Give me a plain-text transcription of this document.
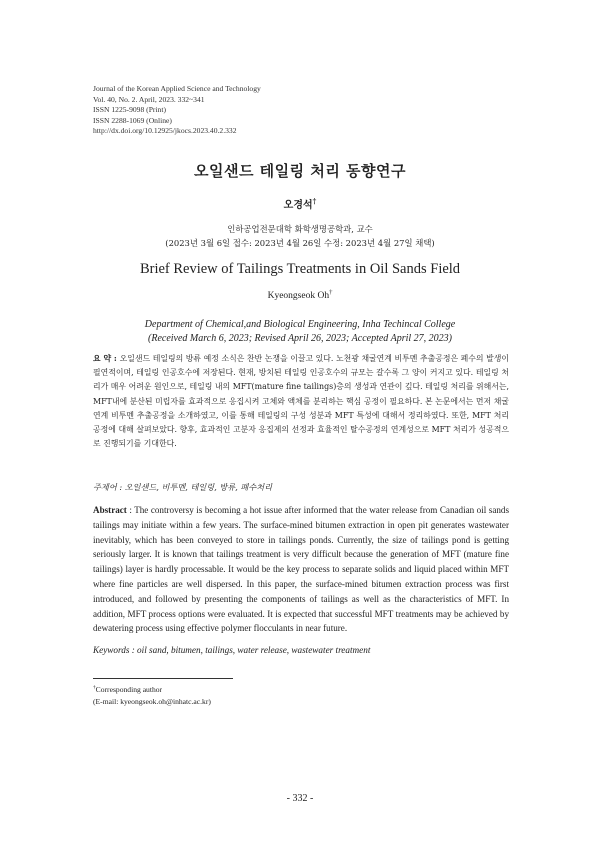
Journal of the Korean Applied Science and Technology
Vol. 40, No. 2. April, 2023. 332~341
ISSN 1225-9098 (Print)
ISSN 2288-1069 (Online)
http://dx.doi.org/10.12925/jkocs.2023.40.2.332
오일샌드 테일링 처리 동향연구
오경석†
인하공업전문대학 화학생명공학과, 교수
(2023년 3월 6일 접수: 2023년 4월 26일 수정: 2023년 4월 27일 채택)
Brief Review of Tailings Treatments in Oil Sands Field
Kyeongseok Oh†
Department of Chemical,and Biological Engineering, Inha Techincal College
(Received March 6, 2023; Revised April 26, 2023; Accepted April 27, 2023)
요 약 : 오일샌드 테일링의 방류 예정 소식은 찬반 논쟁을 이끌고 있다. 노천광 채굴연계 비투멘 추출공정은 폐수의 발생이 필연적이며, 테일링 인공호수에 저장된다. 현재, 방치된 테일링 인공호수의 규모는 갈수록 그 양이 커지고 있다. 테일링 처리가 매우 어려운 원인으로, 테일링 내의 MFT(mature fine tailings)층의 생성과 연관이 깊다. 테일링 처리를 위해서는, MFT내에 분산된 미립자를 효과적으로 응집시켜 고체와 액체를 분리하는 핵심 공정이 필요하다. 본 논문에서는 먼저 채굴연계 비투멘 추출공정을 소개하였고, 이를 통해 테일링의 구성 성분과 MFT 특성에 대해서 정리하였다. 또한, MFT 처리공정에 대해 살펴보았다. 향후, 효과적인 고분자 응집제의 선정과 효율적인 탈수공정의 연계성으로 MFT 처리가 성공적으로 진행되기를 기대한다.
주제어 : 오일샌드, 비투멘, 테일링, 방류, 폐수처리
Abstract : The controversy is becoming a hot issue after informed that the water release from Canadian oil sands tailings may initiate within a few years. The surface-mined bitumen extraction in open pit generates wastewater inevitably, which has been conveyed to store in tailings ponds. Currently, the size of tailings pond is getting seriously larger. It is known that tailings treatment is very difficult because the generation of MFT (mature fine tailings) layer is hardly processable. It would be the key process to separate solids and liquid placed within MFT where fine particles are well dispersed. In this paper, the surface-mined bitumen extraction process was first introduced, and followed by presenting the components of tailings as well as the characteristics of MFT. In addition, MFT process options were evaluated. It is expected that successful MFT treatments may be achieved by dewatering process using effective polymer flocculants in near future.
Keywords : oil sand, bitumen, tailings, water release, wastewater treatment
†Corresponding author
(E-mail: kyeongseok.oh@inhatc.ac.kr)
- 332 -
